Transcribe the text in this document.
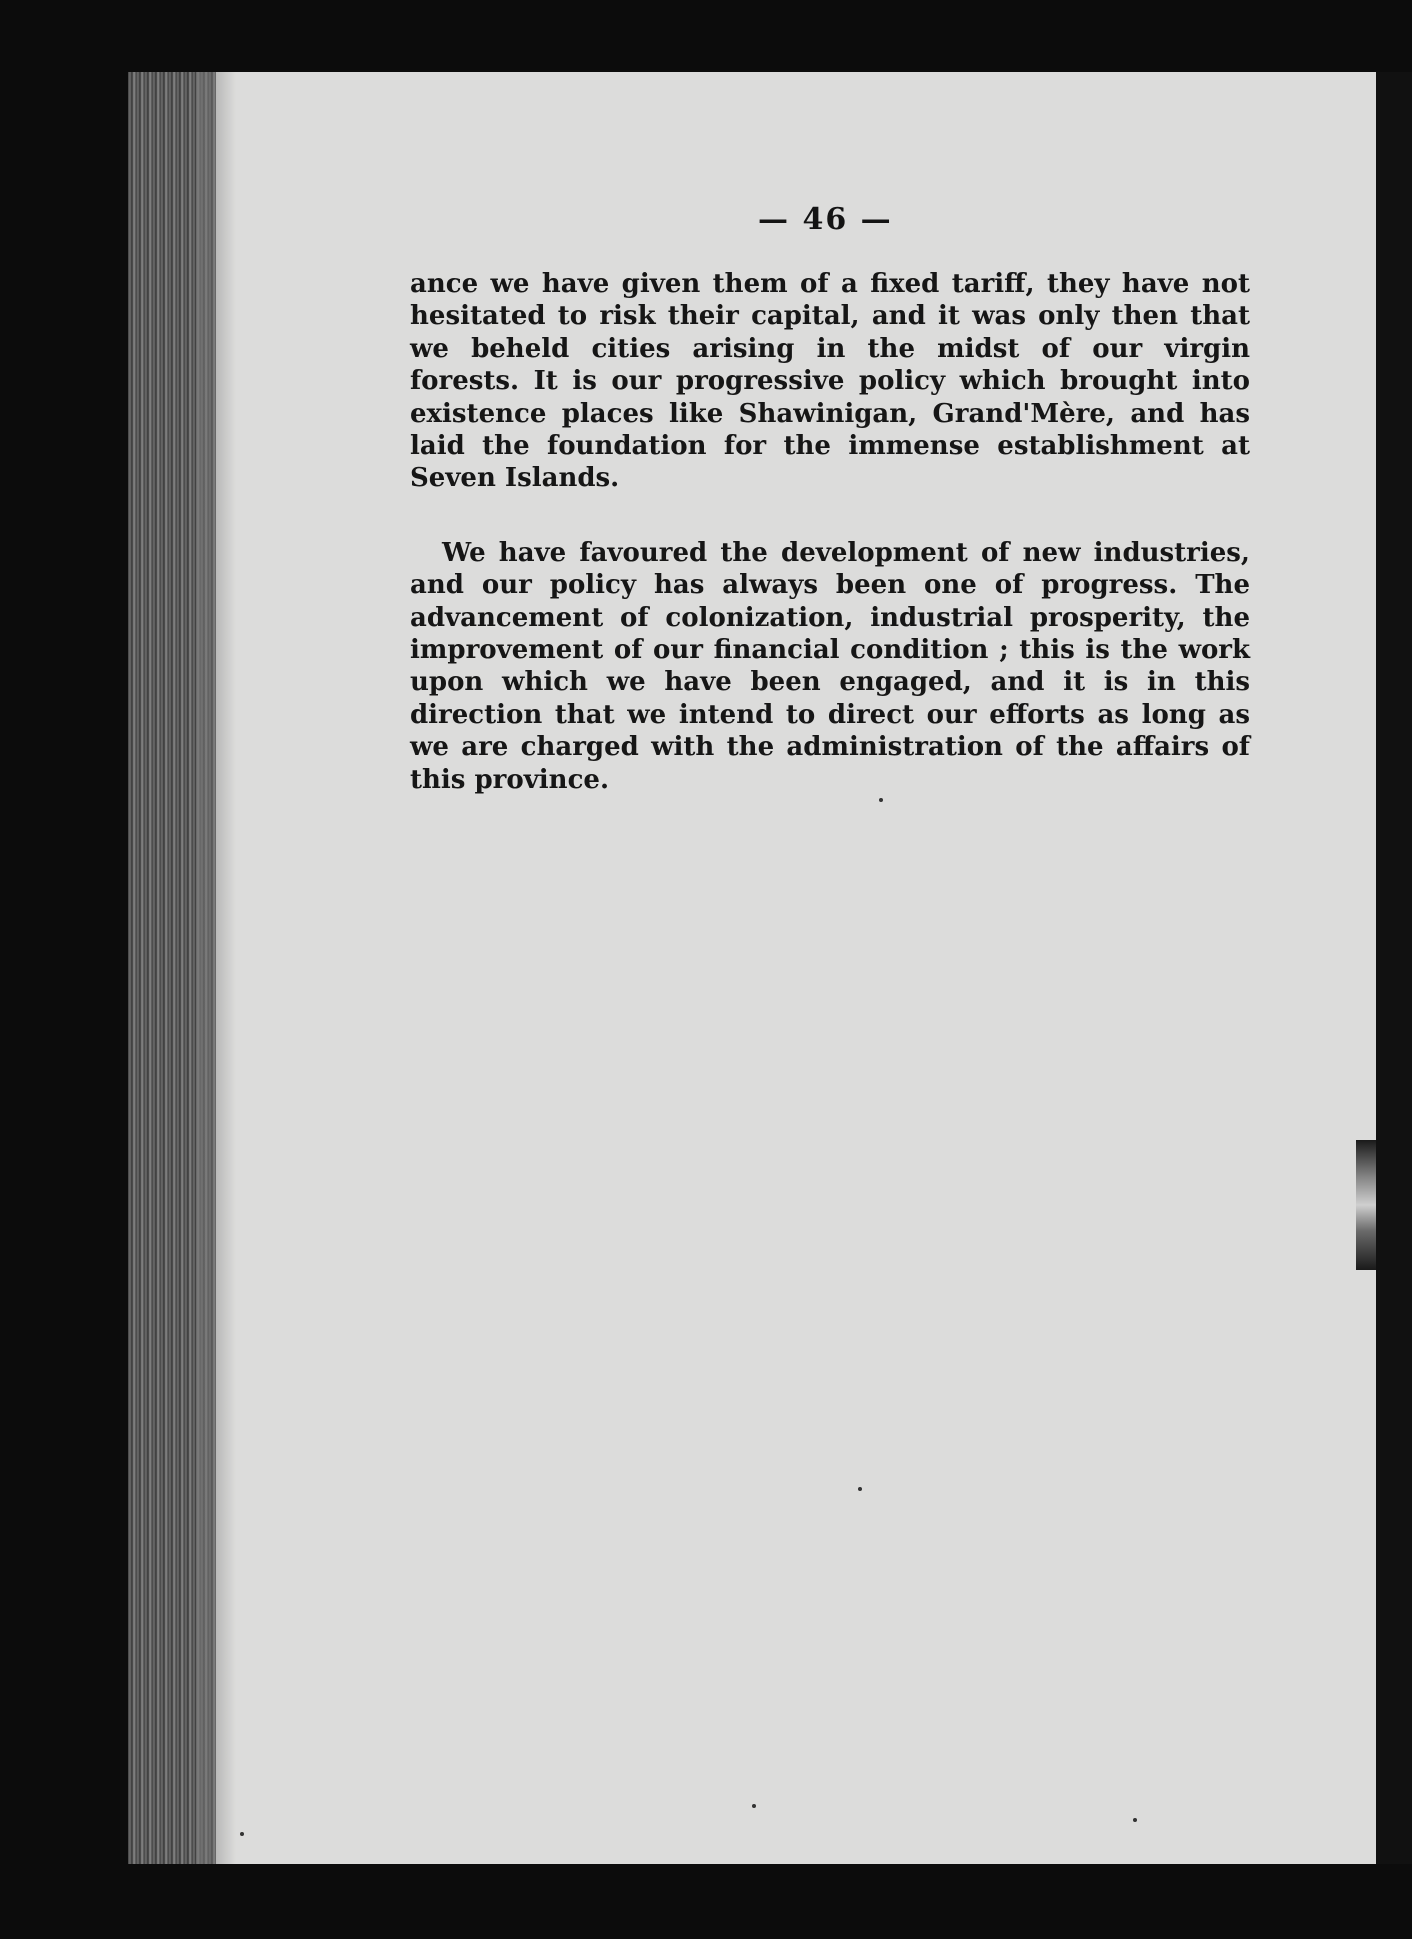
— 46 —

ance we have given them of a fixed tariff, they have not hesitated to risk their capital, and it was only then that we beheld cities arising in the midst of our virgin forests. It is our progressive policy which brought into existence places like Shawinigan, Grand'Mère, and has laid the foundation for the immense establishment at Seven Islands.

We have favoured the development of new industries, and our policy has always been one of progress. The advancement of colonization, industrial prosperity, the improvement of our financial condition ; this is the work upon which we have been engaged, and it is in this direction that we intend to direct our efforts as long as we are charged with the administration of the affairs of this province.
